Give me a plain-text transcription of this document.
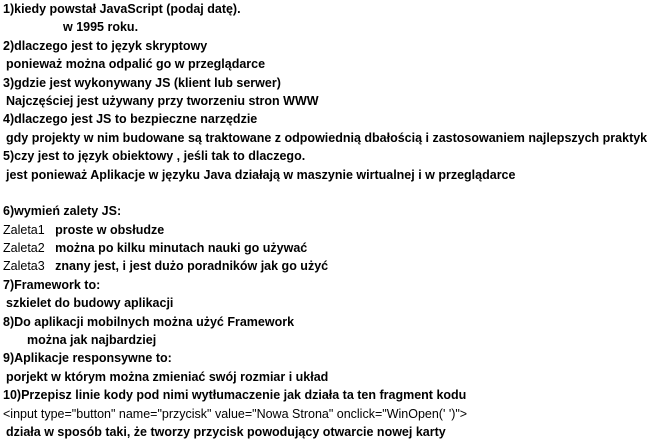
1)kiedy powstał JavaScript (podaj datę).
w 1995 roku.
2)dlaczego jest to język skryptowy
ponieważ można odpalić go w przeglądarce
3)gdzie jest wykonywany JS (klient lub serwer)
Najczęściej jest używany przy tworzeniu stron WWW
4)dlaczego jest JS to bezpieczne narzędzie
gdy projekty w nim budowane są traktowane z odpowiednią dbałością i zastosowaniem najlepszych praktyk
5)czy jest to język obiektowy , jeśli tak to dlaczego.
jest ponieważ Aplikacje w języku Java działają w maszynie wirtualnej i w przeglądarce
6)wymień zalety JS:
Zaleta1 proste w obsłudze
Zaleta2 można po kilku minutach nauki go używać
Zaleta3 znany jest, i jest dużo poradników jak go użyć
7)Framework to:
szkielet do budowy aplikacji
8)Do aplikacji mobilnych można użyć Framework
można jak najbardziej
9)Aplikacje responsywne to:
porjekt w którym można zmieniać swój rozmiar i układ
10)Przepisz linie kody pod nimi wytłumaczenie jak działa ta ten fragment kodu
<input type="button" name="przycisk" value="Nowa Strona" onclick="WinOpen(' ')">
działa w sposób taki, że tworzy przycisk powodujący otwarcie nowej karty
